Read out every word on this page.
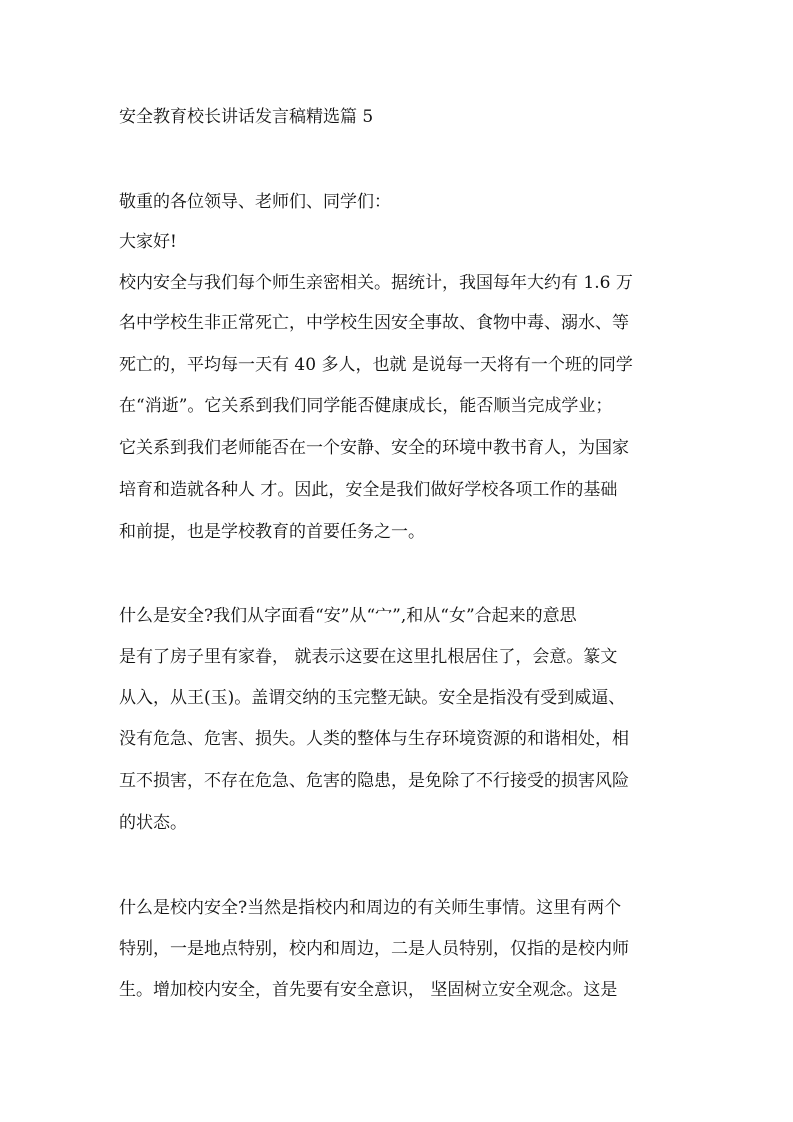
安全教育校长讲话发言稿精选篇 5
敬重的各位领导、老师们、同学们：
大家好!
校内安全与我们每个师生亲密相关。据统计，我国每年大约有 1.6 万
名中学校生非正常死亡，中学校生因安全事故、食物中毒、溺水、等
死亡的，平均每一天有 40 多人，也就 是说每一天将有一个班的同学
在“消逝”。它关系到我们同学能否健康成长，能否顺当完成学业；
它关系到我们老师能否在一个安静、安全的环境中教书育人，为国家
培育和造就各种人 才。因此，安全是我们做好学校各项工作的基础
和前提，也是学校教育的首要任务之一。
什么是安全?我们从字面看“安”从“宀”,和从“女”合起来的意思
是有了房子里有家眷， 就表示这要在这里扎根居住了，会意。篆文
从入，从王(玉)。盖谓交纳的玉完整无缺。安全是指没有受到威逼、
没有危急、危害、损失。人类的整体与生存环境资源的和谐相处，相
互不损害，不存在危急、危害的隐患，是免除了不行接受的损害风险
的状态。
什么是校内安全?当然是指校内和周边的有关师生事情。这里有两个
特别，一是地点特别，校内和周边，二是人员特别，仅指的是校内师
生。增加校内安全，首先要有安全意识， 坚固树立安全观念。这是
